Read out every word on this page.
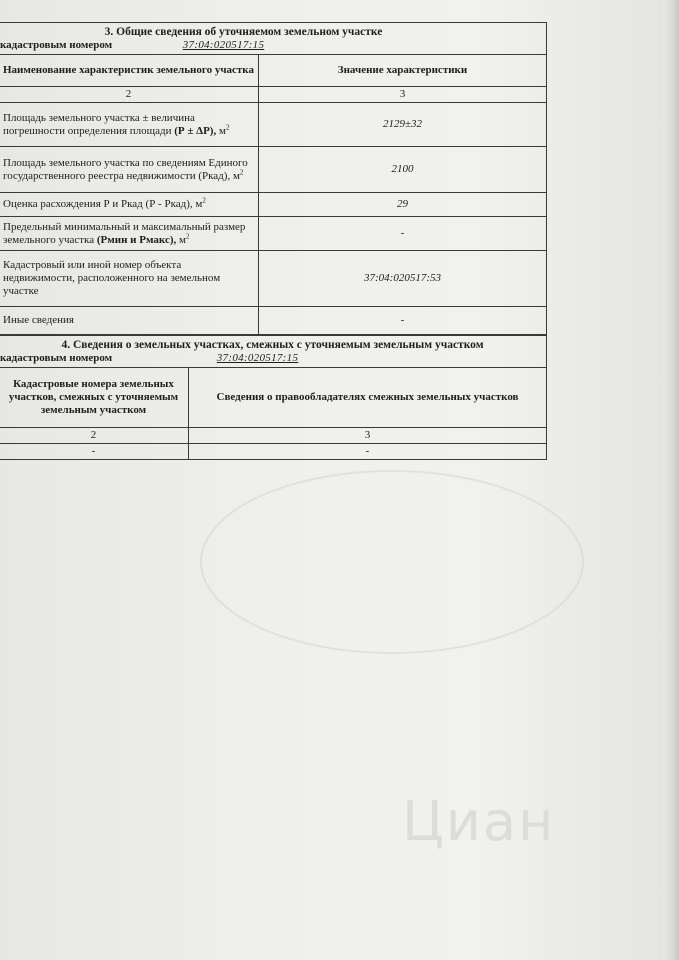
Циан
3. Общие сведения об уточняемом земельном участке	
кадастровым номером 37:04:020517:15	
Наименование характеристик земельного участка	Значение характеристики
2	3
Площадь земельного участка ± величина погрешности определения площади (Р ± ΔР), $м^2$	2129±32
Площадь земельного участка по сведениям Единого государственного реестра недвижимости (Ркад), $м^2$	2100
Оценка расхождения Р и Ркад (Р - Ркад), $м^2$	29
Предельный минимальный и максимальный размер земельного участка (Рмин и Рмакс), $м^2$	-
Кадастровый или иной номер объекта недвижимости, расположенного на земельном участке	37:04:020517:53
Иные сведения	-
4. Сведения о земельных участках, смежных с уточняемым земельным участком	
кадастровым номером 37:04:020517:15	
Кадастровые номера земельных участков, смежных с уточняемым земельным участком	Сведения о правообладателях смежных земельных участков
2	3
-	-
